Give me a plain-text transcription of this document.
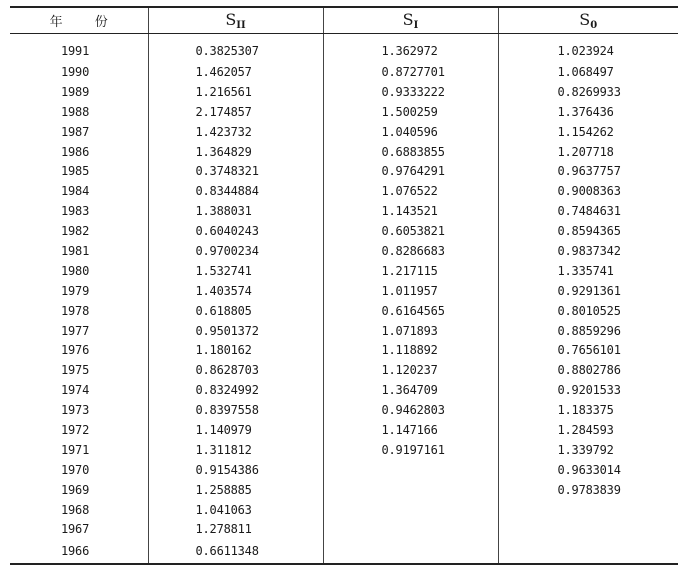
年 份	$S_{II}$	$S_I$	$S_0$
1991	0.3825307	1.362972	1.023924
1990	1.462057	0.8727701	1.068497
1989	1.216561	0.9333222	0.8269933
1988	2.174857	1.500259	1.376436
1987	1.423732	1.040596	1.154262
1986	1.364829	0.6883855	1.207718
1985	0.3748321	0.9764291	0.9637757
1984	0.8344884	1.076522	0.9008363
1983	1.388031	1.143521	0.7484631
1982	0.6040243	0.6053821	0.8594365
1981	0.9700234	0.8286683	0.9837342
1980	1.532741	1.217115	1.335741
1979	1.403574	1.011957	0.9291361
1978	0.618805	0.6164565	0.8010525
1977	0.9501372	1.071893	0.8859296
1976	1.180162	1.118892	0.7656101
1975	0.8628703	1.120237	0.8802786
1974	0.8324992	1.364709	0.9201533
1973	0.8397558	0.9462803	1.183375
1972	1.140979	1.147166	1.284593
1971	1.311812	0.9197161	1.339792
1970	0.9154386		0.9633014
1969	1.258885		0.9783839
1968	1.041063		
1967	1.278811		
1966	0.6611348		
